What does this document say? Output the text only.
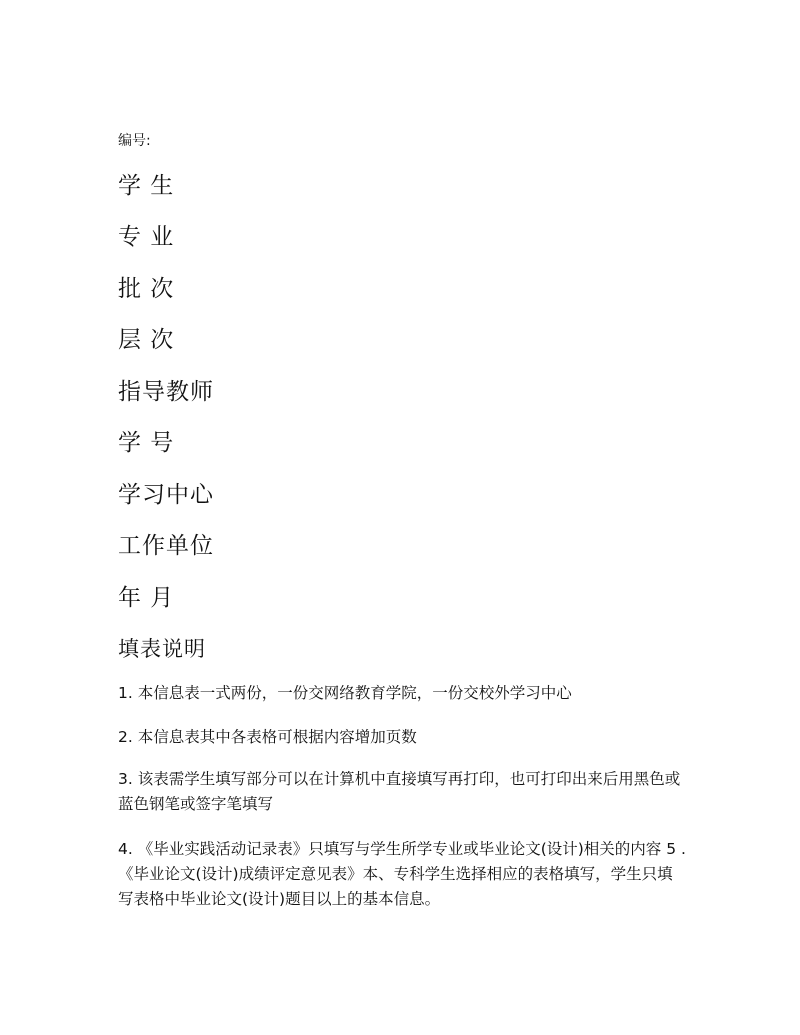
编号:
学 生
专 业
批 次
层 次
指导教师
学 号
学习中心
工作单位
年 月
填表说明
1. 本信息表一式两份，一份交网络教育学院，一份交校外学习中心
2. 本信息表其中各表格可根据内容增加页数
3. 该表需学生填写部分可以在计算机中直接填写再打印，也可打印出来后用黑色或蓝色钢笔或签字笔填写
4. 《毕业实践活动记录表》只填写与学生所学专业或毕业论文(设计)相关的内容 5 .《毕业论文(设计)成绩评定意见表》本、专科学生选择相应的表格填写，学生只填写表格中毕业论文(设计)题目以上的基本信息。
